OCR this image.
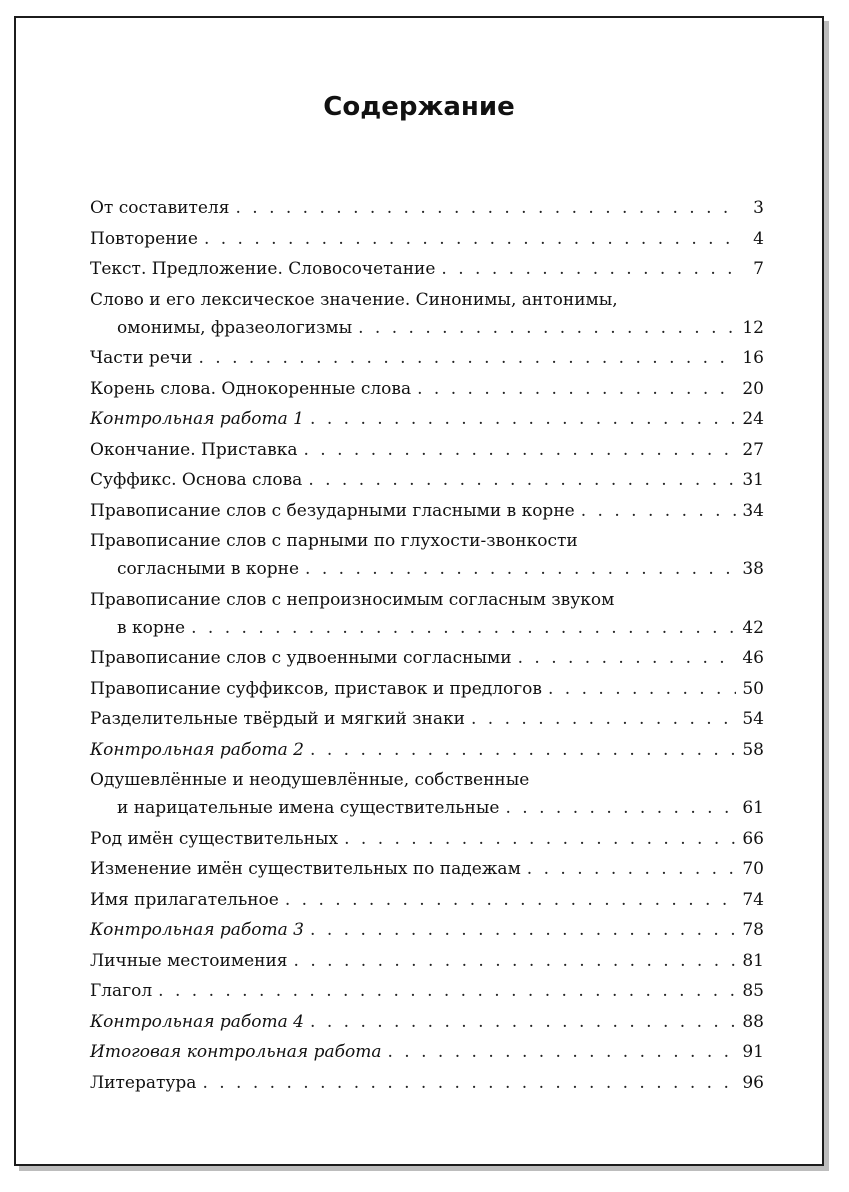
Содержание
От составителя . . .	3
Повторение . . .	4
Текст. Предложение. Словосочетание . . .	7
Слово и его лексическое значение. Синонимы, антонимы,
омонимы, фразеологизмы . . .	12
Части речи . . .	16
Корень слова. Однокоренные слова . . .	20
Контрольная работа 1 . . .	24
Окончание. Приставка . . .	27
Суффикс. Основа слова . . .	31
Правописание слов с безударными гласными в корне . . .	34
Правописание слов с парными по глухости-звонкости
согласными в корне . . .	38
Правописание слов с непроизносимым согласным звуком
в корне . . .	42
Правописание слов с удвоенными согласными . . .	46
Правописание суффиксов, приставок и предлогов . . .	50
Разделительные твёрдый и мягкий знаки . . .	54
Контрольная работа 2 . . .	58
Одушевлённые и неодушевлённые, собственные
и нарицательные имена существительные . . .	61
Род имён существительных . . .	66
Изменение имён существительных по падежам . . .	70
Имя прилагательное . . .	74
Контрольная работа 3 . . .	78
Личные местоимения . . .	81
Глагол . . .	85
Контрольная работа 4 . . .	88
Итоговая контрольная работа . . .	91
Литература . . .	96
